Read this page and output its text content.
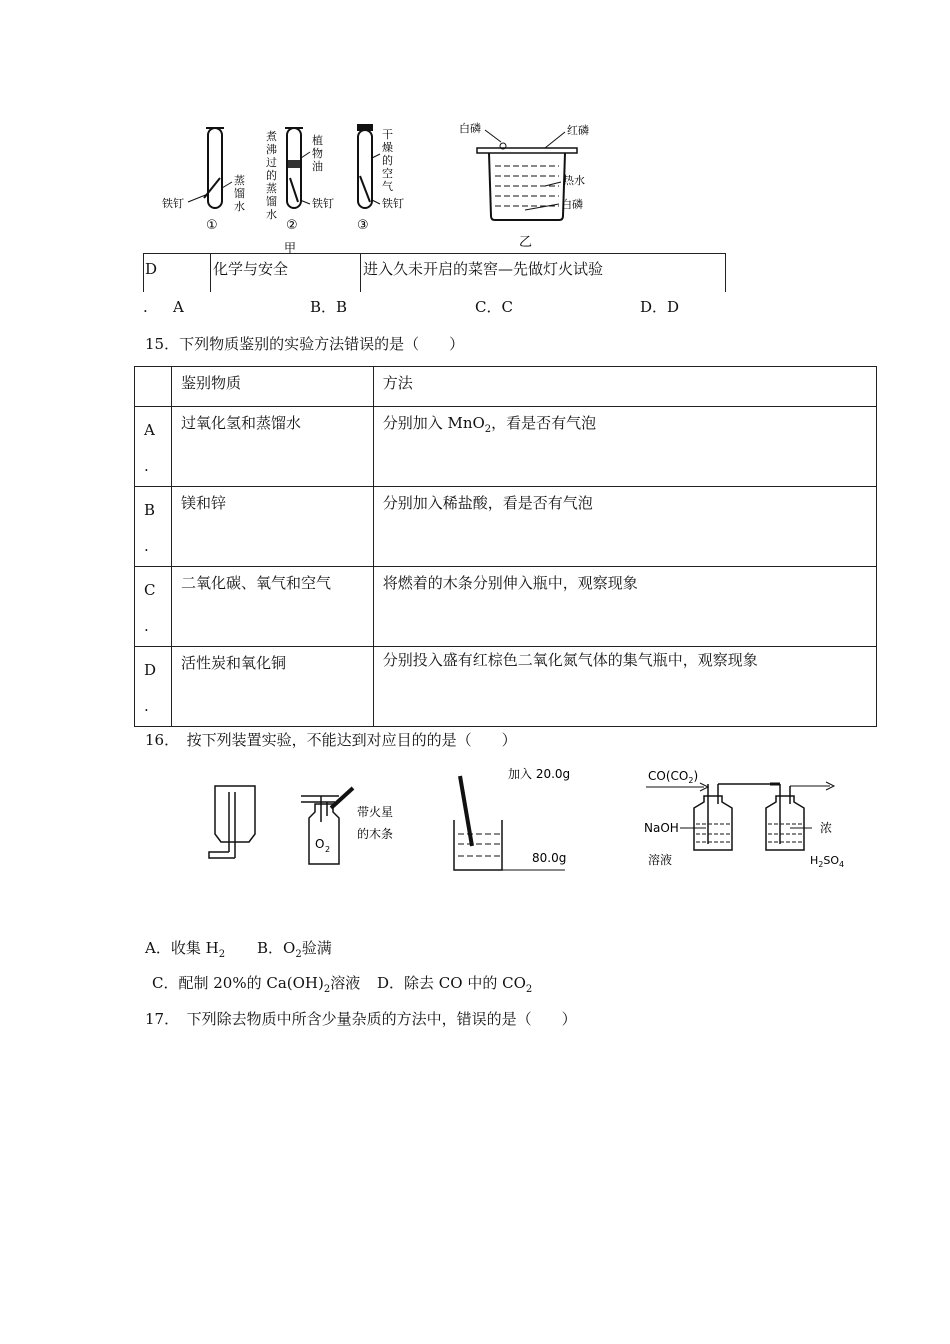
铁钉
蒸
馏
水
①
铁钉
植
物
油
煮
沸
过
的
蒸
馏
水
②
铁钉
干
燥
的
空
气
③
甲
白磷	红磷
热水
白磷
乙
D	化学与安全	进入久未开启的菜窖—先做灯火试验
. A	B．B	C．C	D．D
15．下列物质鉴别的实验方法错误的是（　　）
	鉴别物质	方法
A
.	过氧化氢和蒸馏水	分别加入 MnO$_2$，看是否有气泡
B
.	镁和锌	分别加入稀盐酸，看是否有气泡
C
.	二氧化碳、氧气和空气	将燃着的木条分别伸入瓶中，观察现象
D
.	活性炭和氧化铜	分别投入盛有红棕色二氧化氮气体的集气瓶中，观察现象
16．　按下列装置实验，不能达到对应目的的是（　　）
O 2
带火星
的木条
加入 20.0g
80.0g
$CO(CO_2)$
NaOH
溶液
浓
$H_2SO_4$
A．收集 $H_2$ B．$O_2$验满
C．配制 20%的 $Ca(OH)_2$溶液 D．除去 CO 中的 $CO_2$
17．　下列除去物质中所含少量杂质的方法中，错误的是（　　）
